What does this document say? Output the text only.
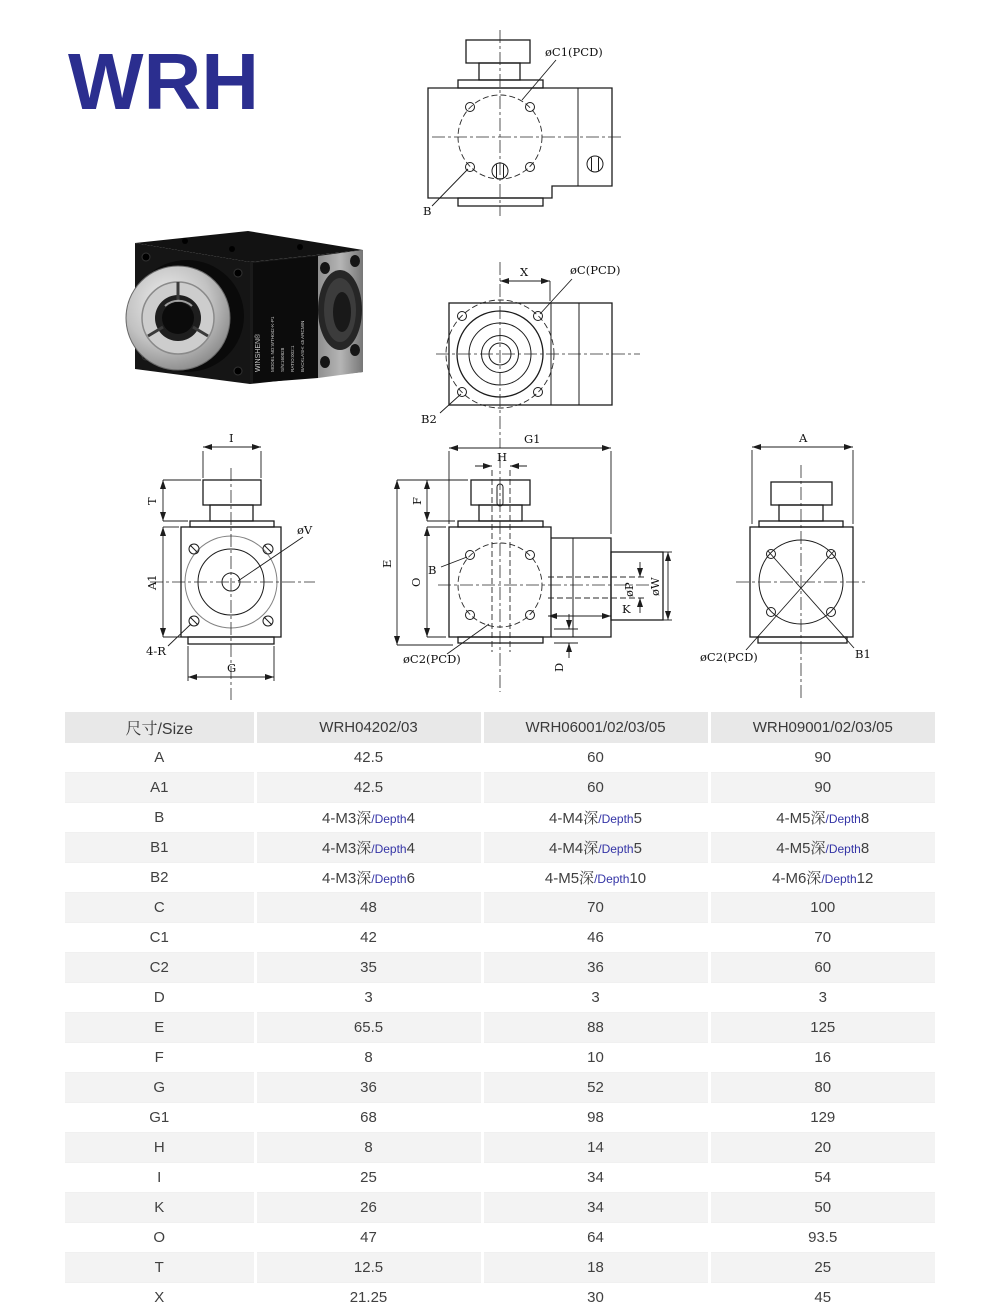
WRH	øC1(PCD)
B
X	øC(PCD)
B2
I
T
A1
G
4-R
øV
G1
H
E
F
O
B
øC2(PCD)
K
D
øP øW
A
øC2(PCD)	B1
WINSHEN® MODEL NO:WTH042-K-P1 S/N:160828 RATIO:002:1 BACKLASH: ≤5 ARCMIN
尺寸/Size	WRH04202/03	WRH06001/02/03/05	WRH09001/02/03/05
A	42.5	60	90
A1	42.5	60	90
B	4-M3深/Depth4	4-M4深/Depth5	4-M5深/Depth8
B1	4-M3深/Depth4	4-M4深/Depth5	4-M5深/Depth8
B2	4-M3深/Depth6	4-M5深/Depth10	4-M6深/Depth12
C	48	70	100
C1	42	46	70
C2	35	36	60
D	3	3	3
E	65.5	88	125
F	8	10	16
G	36	52	80
G1	68	98	129
H	8	14	20
I	25	34	54
K	26	34	50
O	47	64	93.5
T	12.5	18	25
X	21.25	30	45
